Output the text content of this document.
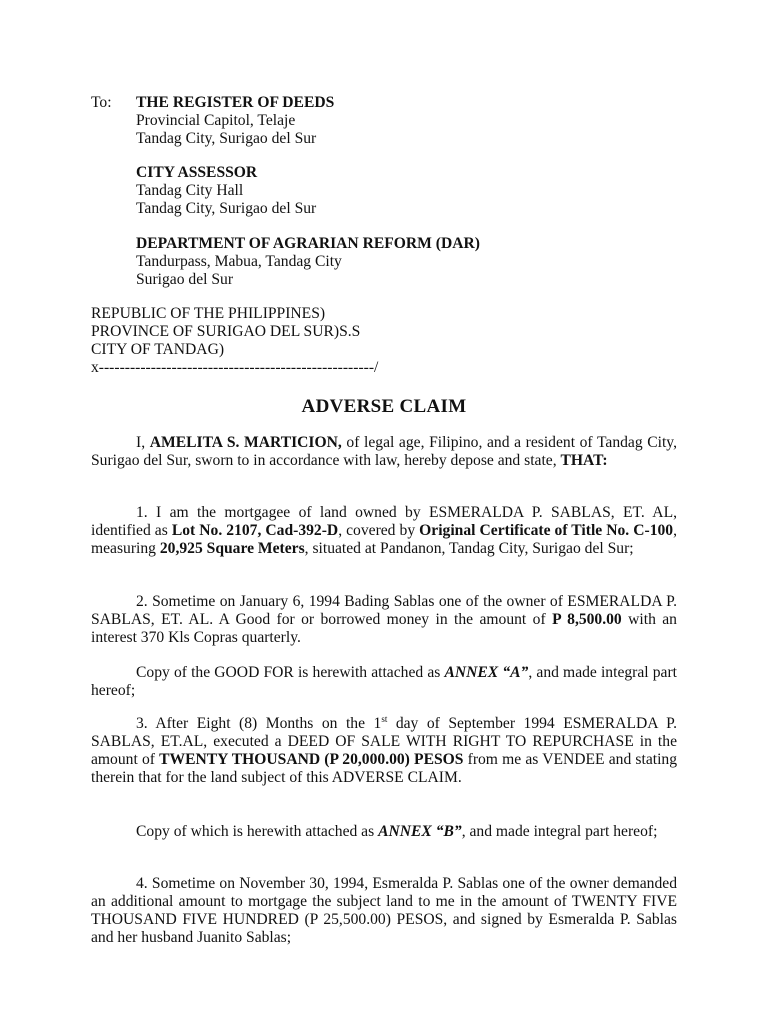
To: THE REGISTER OF DEEDS
Provincial Capitol, Telaje
Tandag City, Surigao del Sur
CITY ASSESSOR
Tandag City Hall
Tandag City, Surigao del Sur
DEPARTMENT OF AGRARIAN REFORM (DAR)
Tandurpass, Mabua, Tandag City
Surigao del Sur
REPUBLIC OF THE PHILIPPINES)
PROVINCE OF SURIGAO DEL SUR)S.S
CITY OF TANDAG)
x-----------------------------------------------------/
ADVERSE CLAIM
I, AMELITA S. MARTICION, of legal age, Filipino, and a resident of Tandag City, Surigao del Sur, sworn to in accordance with law, hereby depose and state, THAT:
1. I am the mortgagee of land owned by ESMERALDA P. SABLAS, ET. AL, identified as Lot No. 2107, Cad-392-D, covered by Original Certificate of Title No. C-100, measuring 20,925 Square Meters, situated at Pandanon, Tandag City, Surigao del Sur;
2. Sometime on January 6, 1994 Bading Sablas one of the owner of ESMERALDA P. SABLAS, ET. AL. A Good for or borrowed money in the amount of P 8,500.00 with an interest 370 Kls Copras quarterly.
Copy of the GOOD FOR is herewith attached as ANNEX “A”, and made integral part hereof;
3. After Eight (8) Months on the 1st day of September 1994 ESMERALDA P. SABLAS, ET.AL, executed a DEED OF SALE WITH RIGHT TO REPURCHASE in the amount of TWENTY THOUSAND (P 20,000.00) PESOS from me as VENDEE and stating therein that for the land subject of this ADVERSE CLAIM.
Copy of which is herewith attached as ANNEX “B”, and made integral part hereof;
4. Sometime on November 30, 1994, Esmeralda P. Sablas one of the owner demanded an additional amount to mortgage the subject land to me in the amount of TWENTY FIVE THOUSAND FIVE HUNDRED (P 25,500.00) PESOS, and signed by Esmeralda P. Sablas and her husband Juanito Sablas;
